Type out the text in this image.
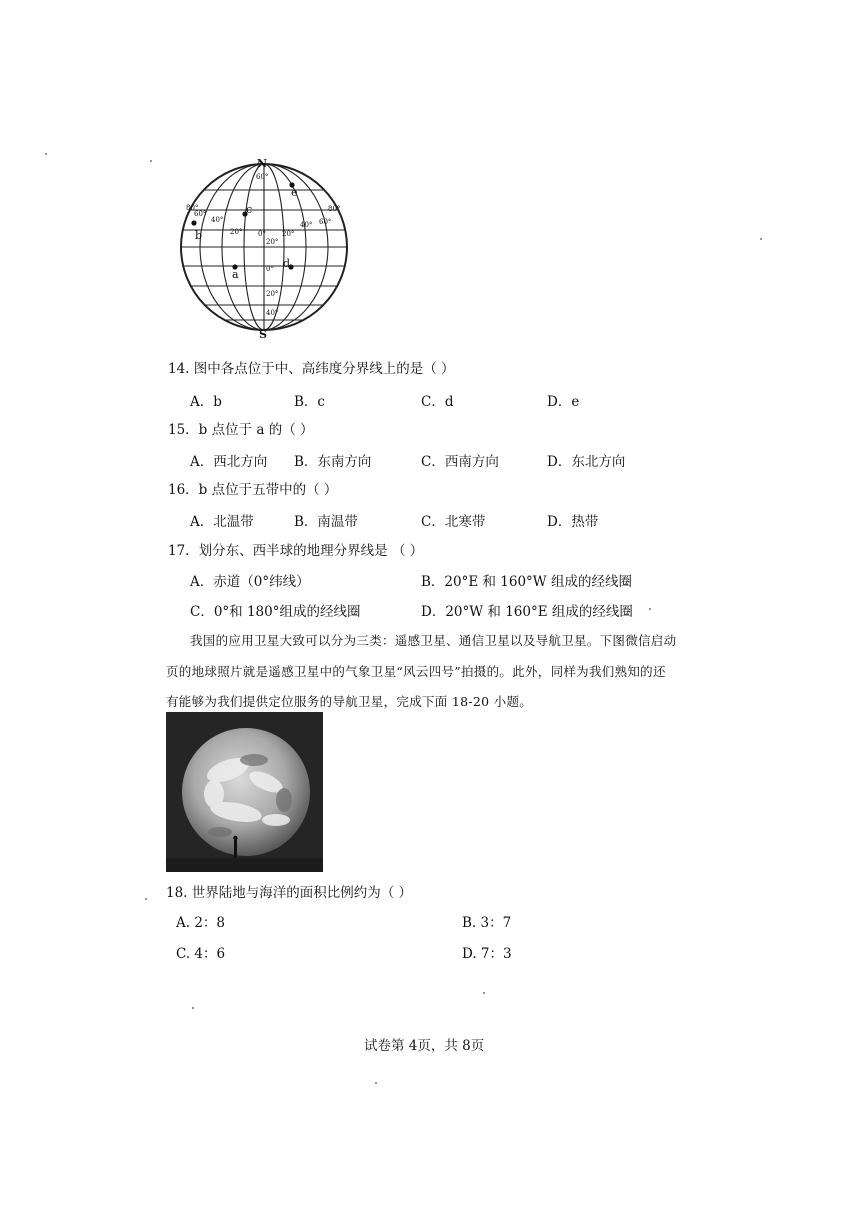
N
S
60°
80°
60°
40°
20° 0° 20°
40° 60°
80°
20°
0°
20°
40°
a
b
c
d
e
14. 图中各点位于中、高纬度分界线上的是（ ）
A．b	B．c	C．d	D．e
15．b 点位于 a 的（ ）
A．西北方向 B．东南方向	C．西南方向	D．东北方向
16．b 点位于五带中的（ ）
A．北温带	B．南温带	C．北寒带	D．热带
17．划分东、西半球的地理分界线是 （ ）
A．赤道（0°纬线）	B．20°E 和 160°W 组成的经线圈
C．0°和 180°组成的经线圈	D．20°W 和 160°E 组成的经线圈
我国的应用卫星大致可以分为三类：遥感卫星、通信卫星以及导航卫星。下图微信启动
页的地球照片就是遥感卫星中的气象卫星“风云四号”拍摄的。此外，同样为我们熟知的还
有能够为我们提供定位服务的导航卫星，完成下面 18-20 小题。
18. 世界陆地与海洋的面积比例约为（ ）
A. 2：8	B. 3：7
C. 4：6	D. 7：3
试卷第 4页，共 8页
